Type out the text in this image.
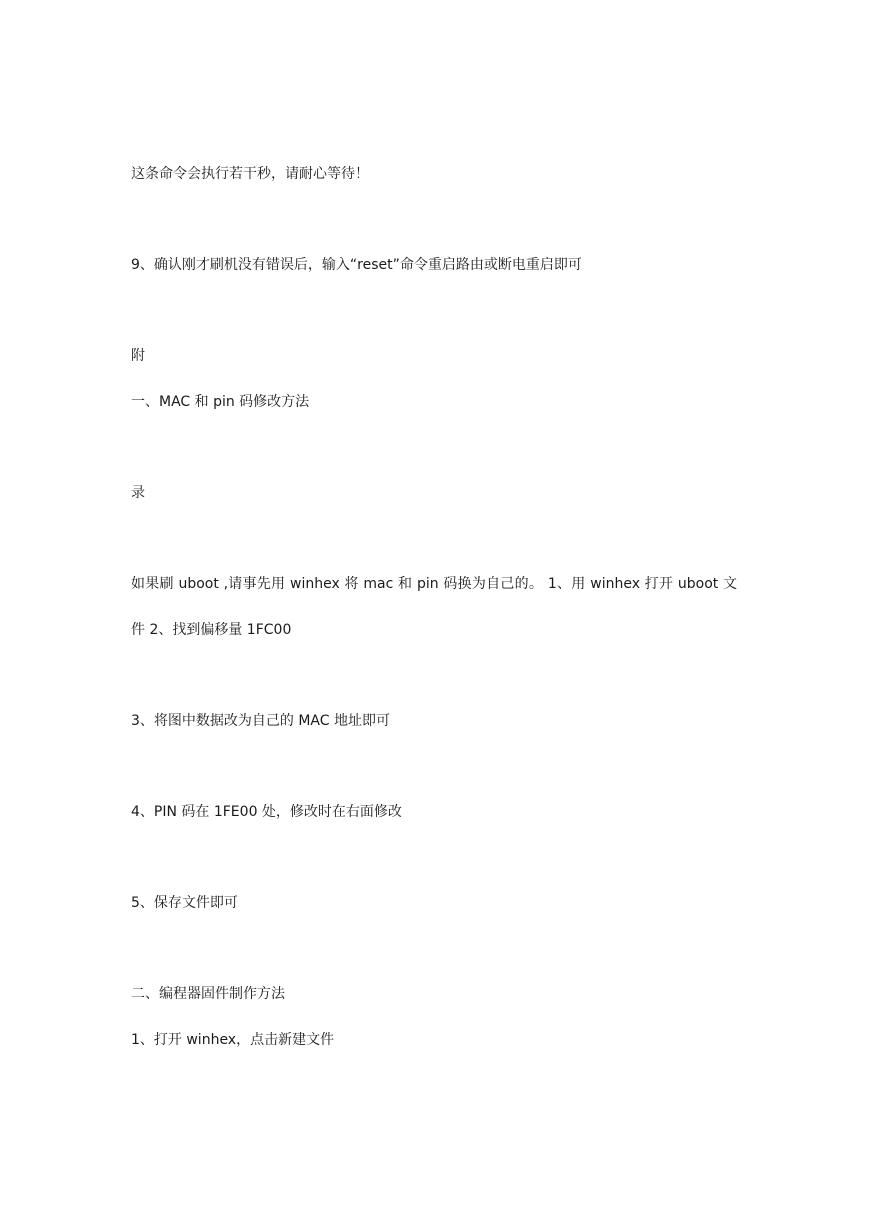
这条命令会执行若干秒，请耐心等待！
9、确认刚才刷机没有错误后，输入“reset”命令重启路由或断电重启即可
附
一、MAC 和 pin 码修改方法
录
如果刷 uboot ,请事先用 winhex 将 mac 和 pin 码换为自己的。 1、用 winhex 打开 uboot 文
件 2、找到偏移量 1FC00
3、将图中数据改为自己的 MAC 地址即可
4、PIN 码在 1FE00 处，修改时在右面修改
5、保存文件即可
二、编程器固件制作方法
1、打开 winhex，点击新建文件
